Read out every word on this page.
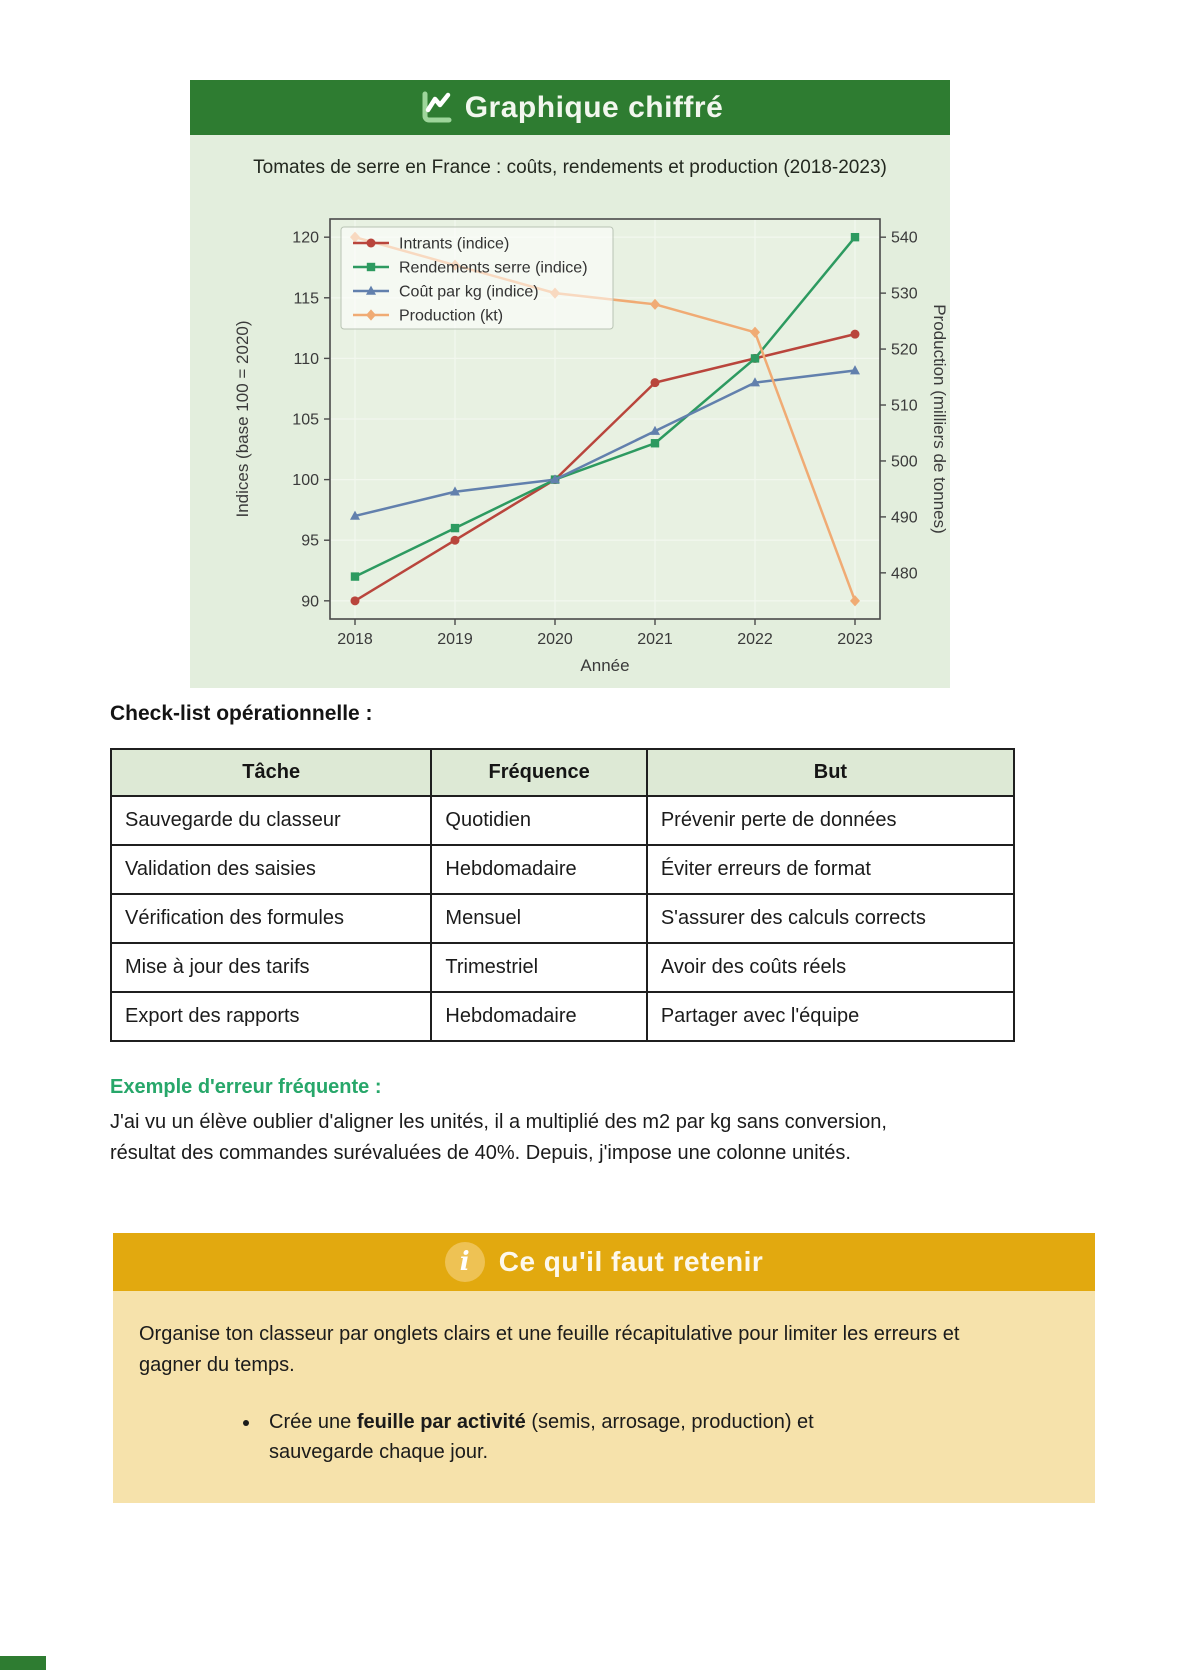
Graphique chiffré
Tomates de serre en France : coûts, rendements et production (2018-2023)
Intrants (indice)
Rendements serre (indice)
Coût par kg (indice)
Production (kt)
90
95
100
105
110
115
120
480
490
500
510
520
530
540
2018	2019	2020	2021	2022	2023
Année
Indices (base 100 = 2020)	Production (milliers de tonnes)
Check-list opérationnelle :
Tâche	Fréquence	But
Sauvegarde du classeur	Quotidien	Prévenir perte de données
Validation des saisies	Hebdomadaire	Éviter erreurs de format
Vérification des formules	Mensuel	S'assurer des calculs corrects
Mise à jour des tarifs	Trimestriel	Avoir des coûts réels
Export des rapports	Hebdomadaire	Partager avec l'équipe
Exemple d'erreur fréquente :

J'ai vu un élève oublier d'aligner les unités, il a multiplié des m2 par kg sans conversion, résultat des commandes surévaluées de 40%. Depuis, j'impose une colonne unités.

i	Ce qu'il faut retenir

Organise ton classeur par onglets clairs et une feuille récapitulative pour limiter les erreurs et gagner du temps.

• Crée une feuille par activité (semis, arrosage, production) et sauvegarde chaque jour.
